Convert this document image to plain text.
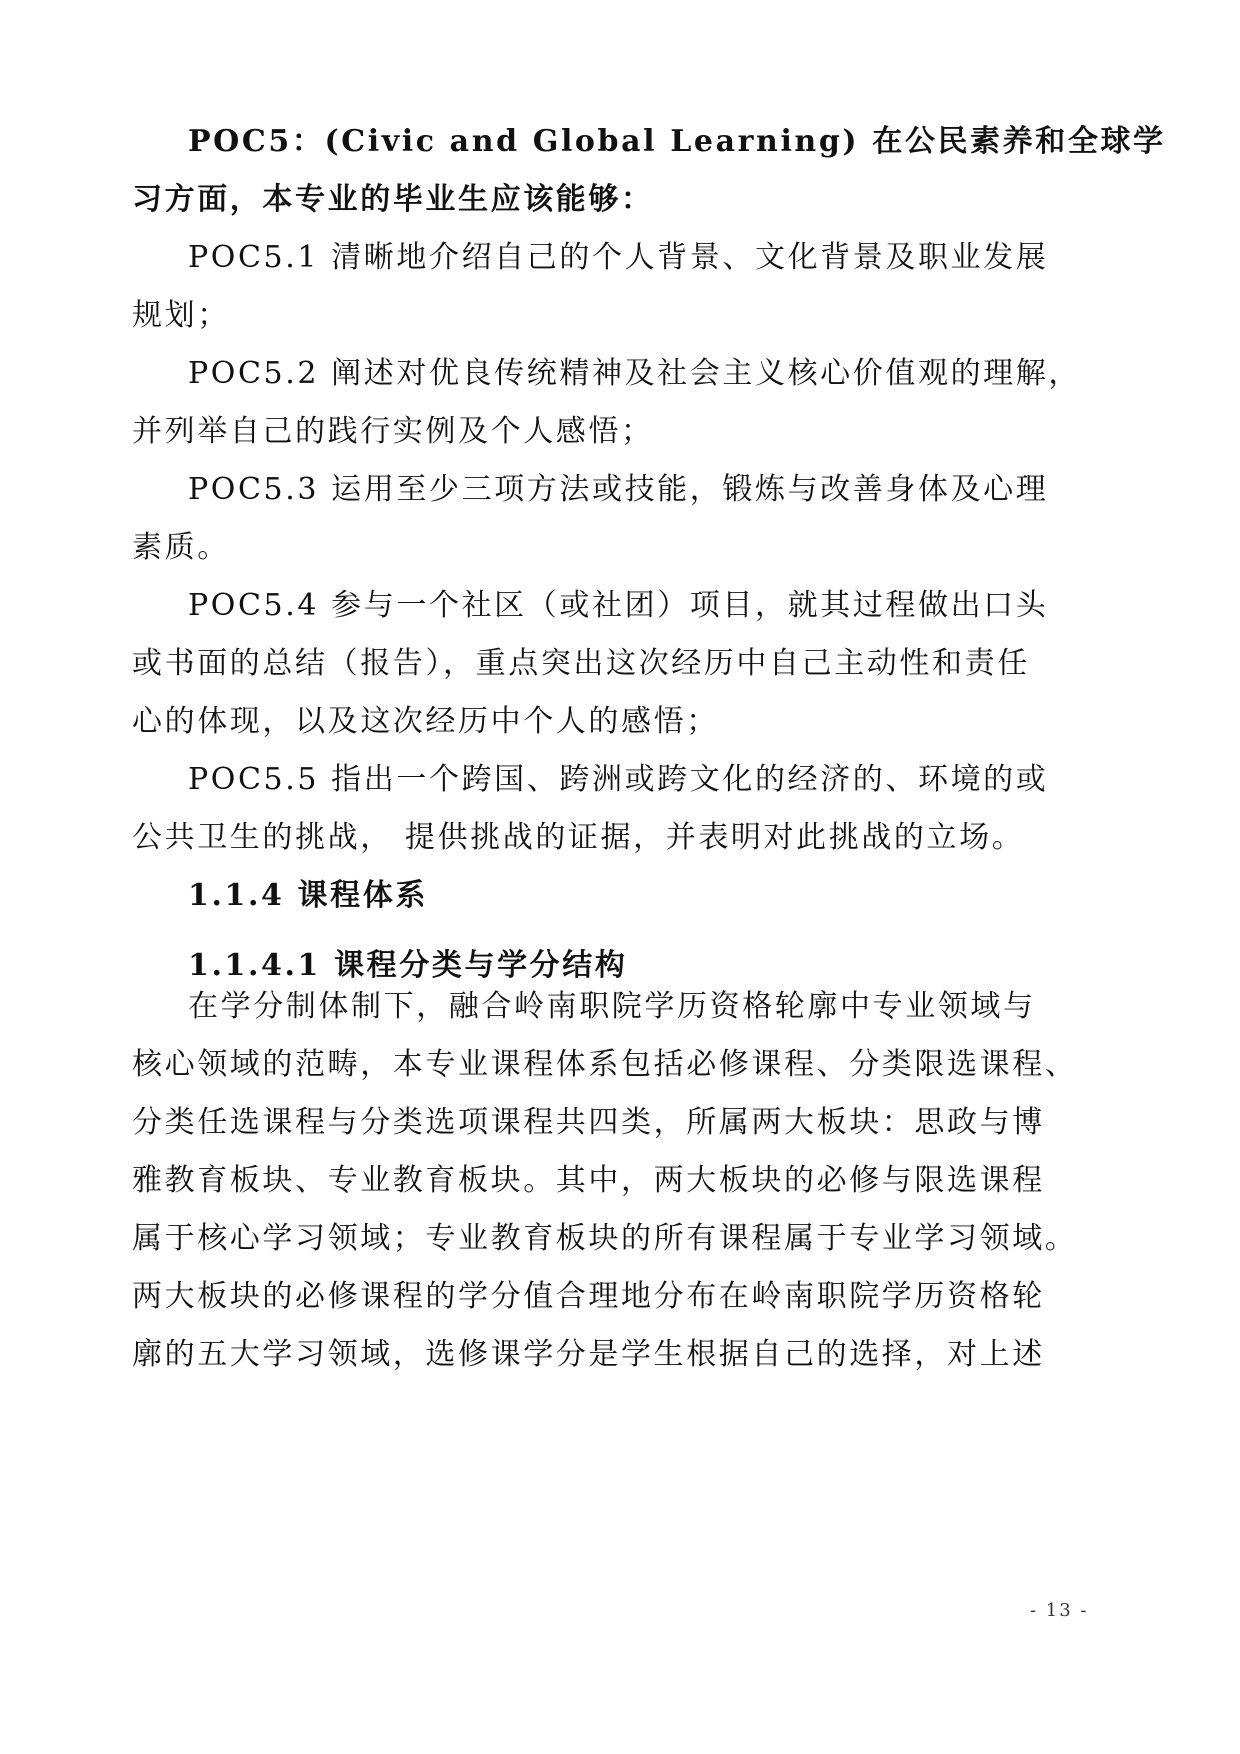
POC5：(Civic and Global Learning) 在公民素养和全球学
习方面，本专业的毕业生应该能够：
POC5.1 清晰地介绍自己的个人背景、文化背景及职业发展
规划；
POC5.2 阐述对优良传统精神及社会主义核心价值观的理解，
并列举自己的践行实例及个人感悟；
POC5.3 运用至少三项方法或技能，锻炼与改善身体及心理
素质。
POC5.4 参与一个社区（或社团）项目，就其过程做出口头
或书面的总结（报告），重点突出这次经历中自己主动性和责任
心的体现，以及这次经历中个人的感悟；
POC5.5 指出一个跨国、跨洲或跨文化的经济的、环境的或
公共卫生的挑战， 提供挑战的证据，并表明对此挑战的立场。
1.1.4 课程体系
1.1.4.1 课程分类与学分结构
在学分制体制下，融合岭南职院学历资格轮廓中专业领域与
核心领域的范畴，本专业课程体系包括必修课程、分类限选课程、
分类任选课程与分类选项课程共四类，所属两大板块：思政与博
雅教育板块、专业教育板块。其中，两大板块的必修与限选课程
属于核心学习领域；专业教育板块的所有课程属于专业学习领域。
两大板块的必修课程的学分值合理地分布在岭南职院学历资格轮
廓的五大学习领域，选修课学分是学生根据自己的选择，对上述
- 13 -
